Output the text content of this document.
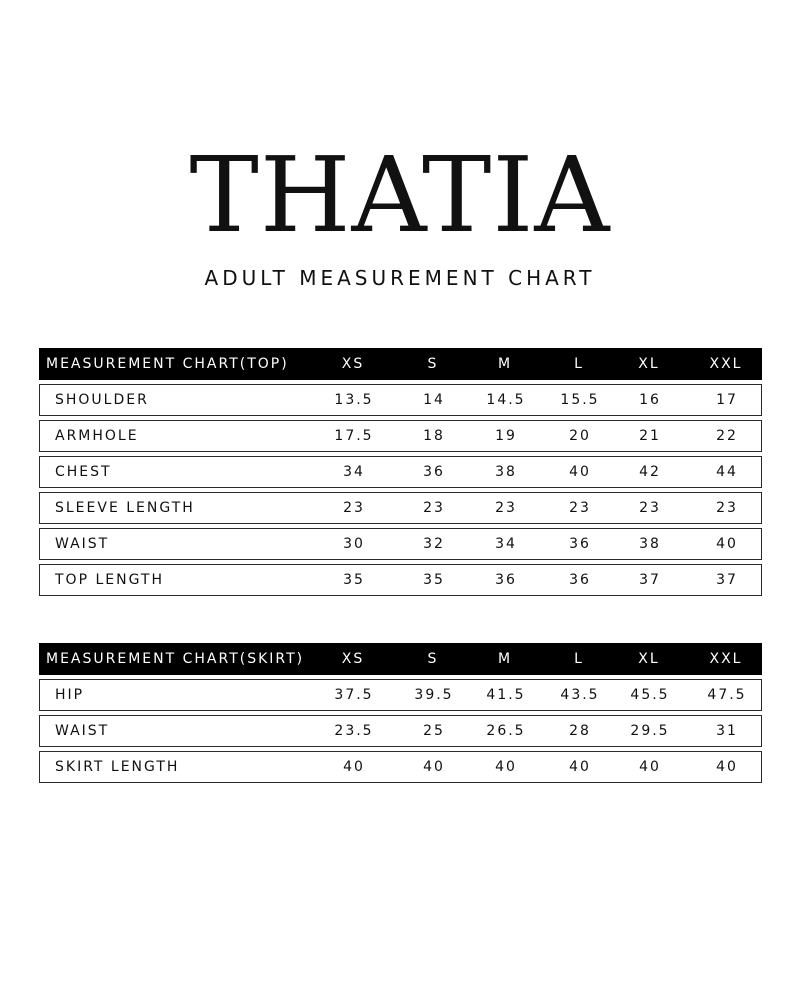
THATIA
ADULT MEASUREMENT CHART
MEASUREMENT CHART(TOP)	XS	S	M	L	XL	XXL
SHOULDER	13.5	14	14.5	15.5	16	17
ARMHOLE	17.5	18	19	20	21	22
CHEST	34	36	38	40	42	44
SLEEVE LENGTH	23	23	23	23	23	23
WAIST	30	32	34	36	38	40
TOP LENGTH	35	35	36	36	37	37
MEASUREMENT CHART(SKIRT)	XS	S	M	L	XL	XXL
HIP	37.5	39.5	41.5	43.5	45.5	47.5
WAIST	23.5	25	26.5	28	29.5	31
SKIRT LENGTH	40	40	40	40	40	40
